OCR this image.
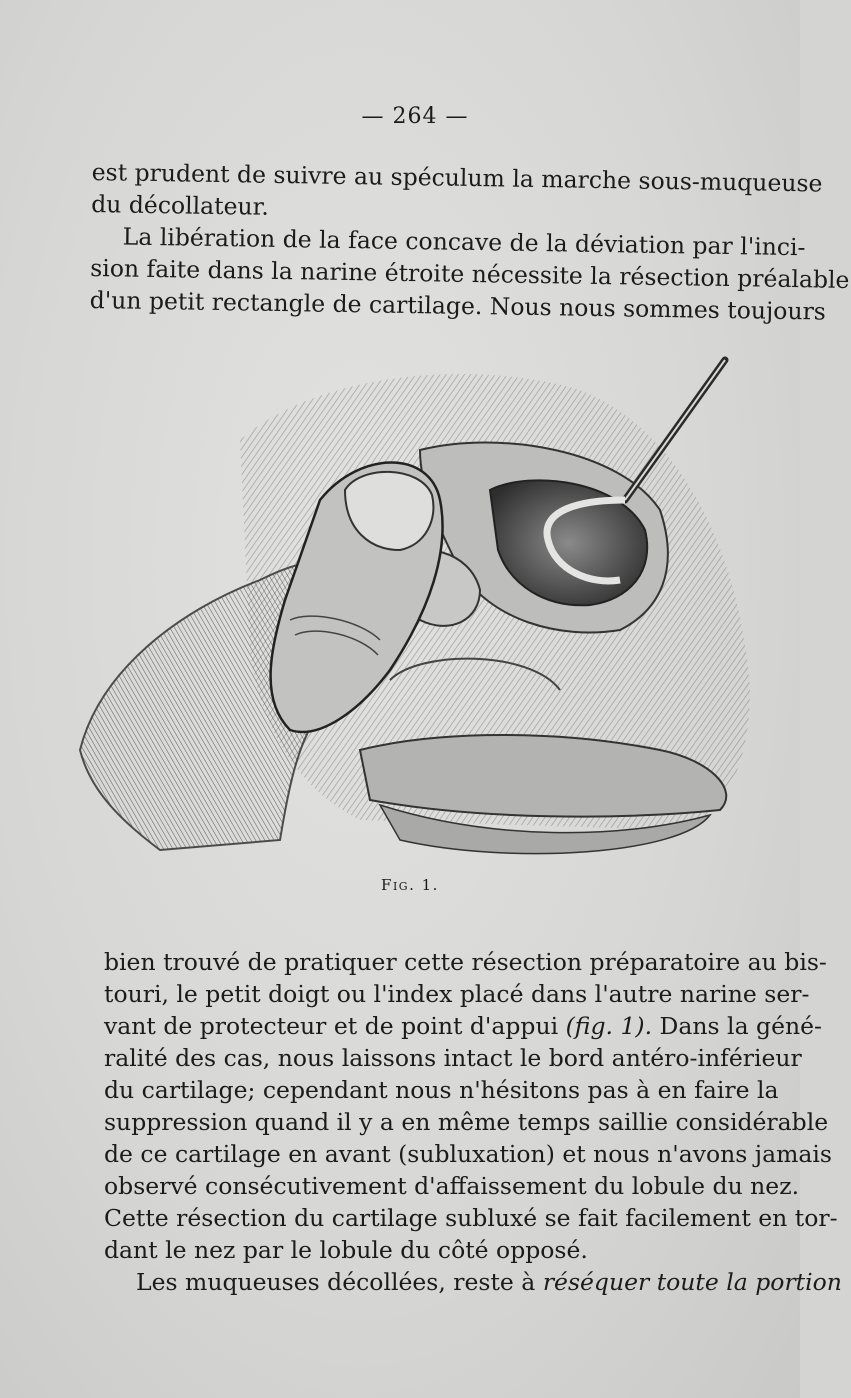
— 264 —
est prudent de suivre au spéculum la marche sous-muqueuse
du décollateur.
La libération de la face concave de la déviation par l'inci-
sion faite dans la narine étroite nécessite la résection préalable
d'un petit rectangle de cartilage. Nous nous sommes toujours
Fig. 1.
bien trouvé de pratiquer cette résection préparatoire au bis-
touri, le petit doigt ou l'index placé dans l'autre narine ser-
vant de protecteur et de point d'appui (fig. 1). Dans la géné-
ralité des cas, nous laissons intact le bord antéro-inférieur
du cartilage; cependant nous n'hésitons pas à en faire la
suppression quand il y a en même temps saillie considérable
de ce cartilage en avant (subluxation) et nous n'avons jamais
observé consécutivement d'affaissement du lobule du nez.
Cette résection du cartilage subluxé se fait facilement en tor-
dant le nez par le lobule du côté opposé.
Les muqueuses décollées, reste à réséquer toute la portion
